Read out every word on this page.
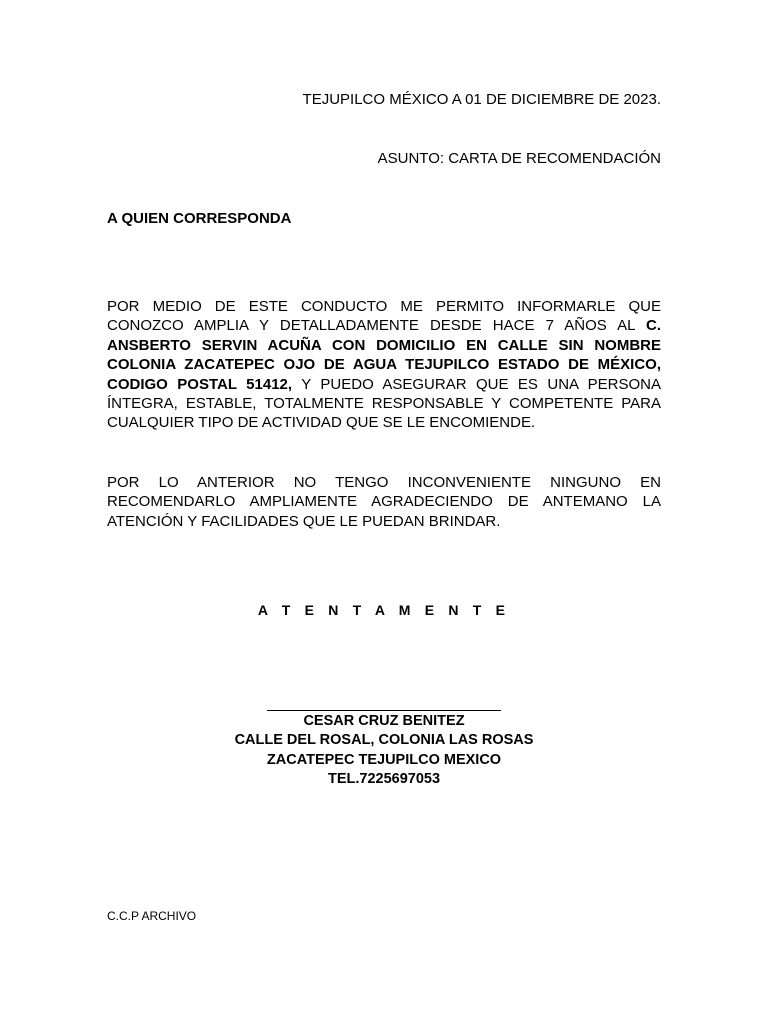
TEJUPILCO MÉXICO A 01 DE DICIEMBRE DE 2023.
ASUNTO: CARTA DE RECOMENDACIÓN
A QUIEN CORRESPONDA
POR MEDIO DE ESTE CONDUCTO ME PERMITO INFORMARLE QUE CONOZCO AMPLIA Y DETALLADAMENTE DESDE HACE 7 AÑOS AL C. ANSBERTO SERVIN ACUÑA CON DOMICILIO EN CALLE SIN NOMBRE COLONIA ZACATEPEC OJO DE AGUA TEJUPILCO ESTADO DE MÉXICO, CODIGO POSTAL 51412, Y PUEDO ASEGURAR QUE ES UNA PERSONA ÍNTEGRA, ESTABLE, TOTALMENTE RESPONSABLE Y COMPETENTE PARA CUALQUIER TIPO DE ACTIVIDAD QUE SE LE ENCOMIENDE.
POR LO ANTERIOR NO TENGO INCONVENIENTE NINGUNO EN RECOMENDARLO AMPLIAMENTE AGRADECIENDO DE ANTEMANO LA ATENCIÓN Y FACILIDADES QUE LE PUEDAN BRINDAR.
A T E N T A M E N T E
CESAR CRUZ BENITEZ
CALLE DEL ROSAL, COLONIA LAS ROSAS
ZACATEPEC TEJUPILCO MEXICO
TEL.7225697053
C.C.P ARCHIVO
